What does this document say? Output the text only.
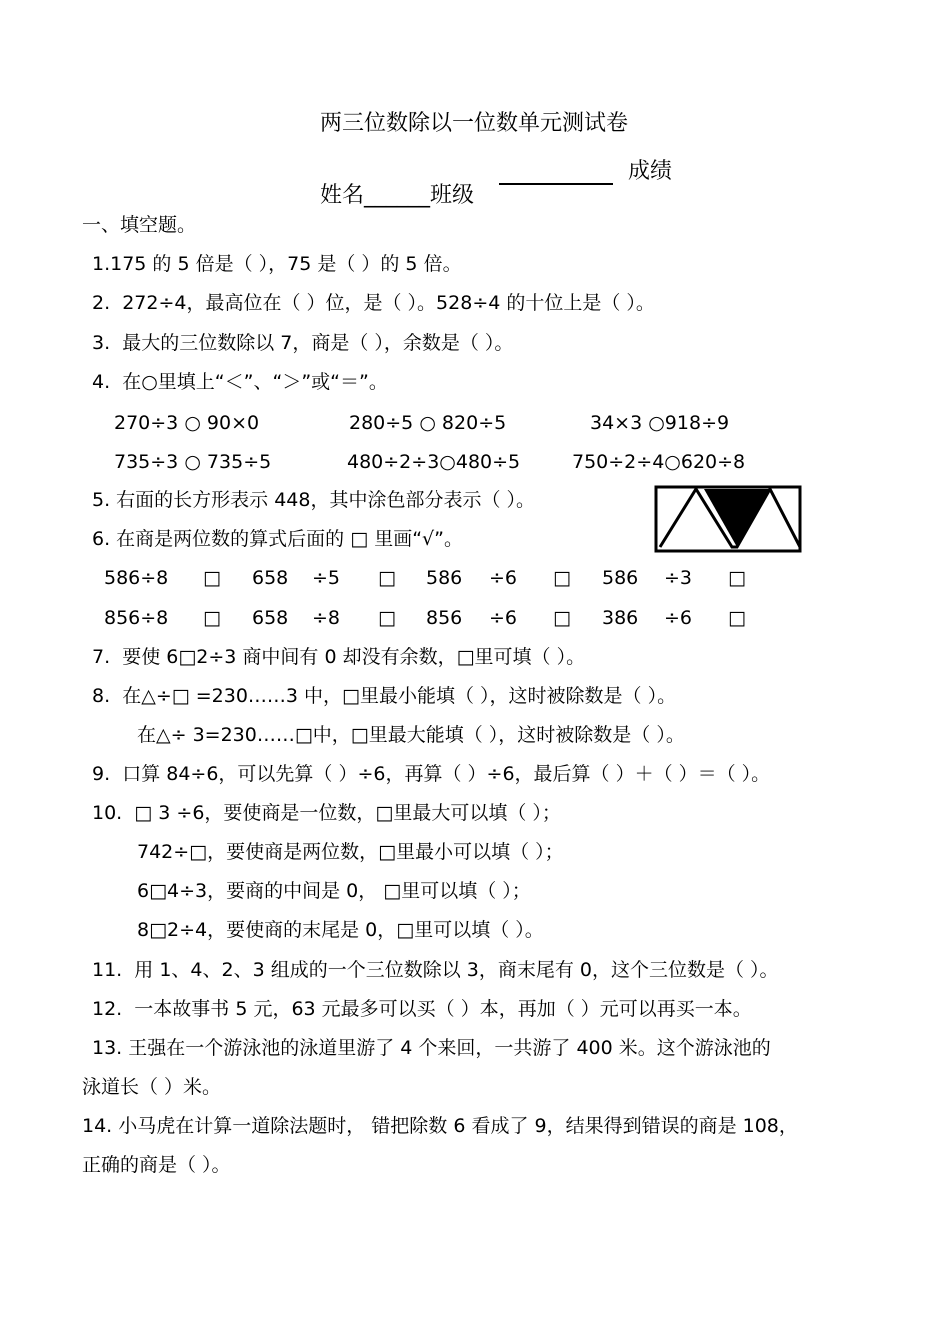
两三位数除以一位数单元测试卷

姓名______班级

成绩
一、填空题。
1.175 的 5 倍是（ ），75 是（ ）的 5 倍。
2.  272÷4，最高位在（ ）位，是（ ）。528÷4 的十位上是（ ）。
3.  最大的三位数除以 7，商是（ ），余数是（ ）。
4.  在○里填上“＜”、“＞”或“＝”。
270÷3 ○ 90×0	280÷5 ○ 820÷5	34×3 ○918÷9
735÷3 ○ 735÷5	480÷2÷3○480÷5	750÷2÷4○620÷8
5. 右面的长方形表示 448，其中涂色部分表示（ ）。
6. 在商是两位数的算式后面的 □ 里画“√”。
586÷8 □ 658 ÷5 □ 586 ÷6 □ 586 ÷3 □
856÷8 □ 658 ÷8 □ 856 ÷6 □ 386 ÷6 □
7.  要使 6□2÷3 商中间有 0 却没有余数，□里可填（ ）。
8.  在△÷□ =230……3 中，□里最小能填（ ），这时被除数是（ ）。
在△÷ 3=230……□中，□里最大能填（ ），这时被除数是（ ）。
9.  口算 84÷6，可以先算（ ）÷6，再算（ ）÷6，最后算（ ）＋（ ）＝（ ）。
10.  □ 3 ÷6，要使商是一位数，□里最大可以填（ ）；
742÷□，要使商是两位数，□里最小可以填（ ）；
6□4÷3，要商的中间是 0， □里可以填（ ）；
8□2÷4，要使商的末尾是 0，□里可以填（ ）。
11.  用 1、4、2、3 组成的一个三位数除以 3，商末尾有 0，这个三位数是（ ）。
12.  一本故事书 5 元，63 元最多可以买（ ）本，再加（ ）元可以再买一本。
13. 王强在一个游泳池的泳道里游了 4 个来回，一共游了 400 米。这个游泳池的
泳道长（ ）米。
14. 小马虎在计算一道除法题时， 错把除数 6 看成了 9，结果得到错误的商是 108，
正确的商是（ ）。
